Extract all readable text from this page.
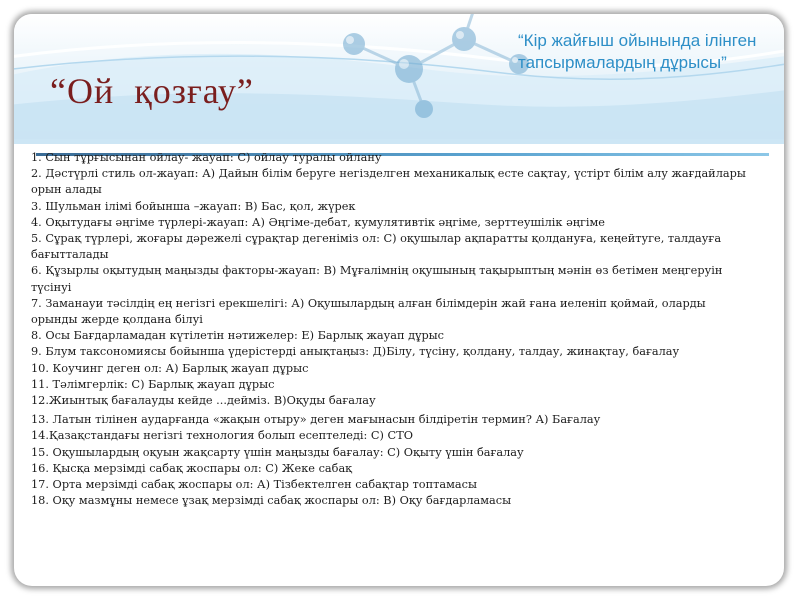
“Ой  қозғау”
“Кір жайғыш ойынында ілінген тапсырмалардың дұрысы”

1. Сын тұрғысынан ойлау- жауап: С) ойлау туралы ойлану

2. Дәстүрлі стиль ол-жауап: А) Дайын білім беруге негізделген механикалық есте сақтау, үстірт білім алу жағдайлары орын алады

3. Шульман ілімі бойынша –жауап: В) Бас, қол, жүрек

4. Оқытудағы әңгіме түрлері-жауап: А) Әңгіме-дебат, кумулятивтік әңгіме, зерттеушілік әңгіме

5. Сұрақ түрлері, жоғары дәрежелі сұрақтар дегеніміз ол: С) оқушылар ақпаратты қолдануға, кеңейтуге, талдауға бағытталады

6. Құзырлы оқытудың маңызды факторы-жауап: В) Мұғалімнің оқушының тақырыптың мәнін өз бетімен меңгеруін түсінуі

7. Заманауи тәсілдің ең негізгі ерекшелігі: А) Оқушылардың алған білімдерін жай ғана иеленіп қоймай, оларды орынды жерде қолдана білуі

8. Осы Бағдарламадан күтілетін нәтижелер: Е) Барлық жауап дұрыс

9. Блум таксономиясы бойынша үдерістерді анықтаңыз: Д)Білу, түсіну, қолдану, талдау, жинақтау, бағалау

10. Коучинг деген ол: А) Барлық жауап дұрыс

11. Тәлімгерлік: С) Барлық жауап дұрыс

12.Жиынтық бағалауды кейде ...дейміз. В)Оқуды бағалау

13. Латын тілінен аударғанда «жақын отыру» деген мағынасын білдіретін термин? А) Бағалау

14.Қазақстандағы негізгі технология болып есептеледі: С) СТО

15. Оқушылардың оқуын жақсарту үшін маңызды бағалау: С) Оқыту үшін бағалау

16. Қысқа мерзімді сабақ жоспары ол: С) Жеке сабақ

17. Орта мерзімді сабақ жоспары ол: А) Тізбектелген сабақтар топтамасы

18. Оқу мазмұны немесе ұзақ мерзімді сабақ жоспары ол: В) Оқу бағдарламасы
